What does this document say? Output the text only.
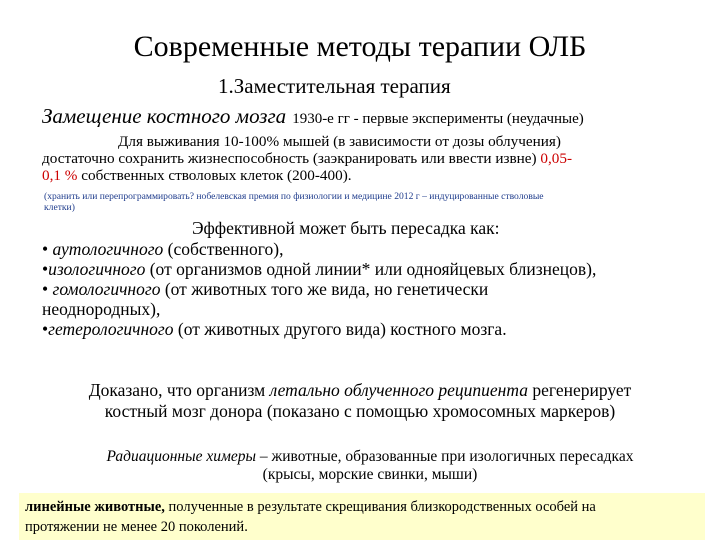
Современные методы терапии ОЛБ
1.Заместительная терапия
Замещение костного мозга 1930-е гг - первые эксперименты (неудачные)
Для выживания 10-100% мышей (в зависимости от дозы облучения)
достаточно сохранить жизнеспособность (заэкранировать или ввести извне) 0,05-
0,1 % собственных стволовых клеток (200-400).
(хранить или перепрограммировать? нобелевская премия по физиологии и медицине 2012 г – индуцированные стволовые
клетки)
Эффективной может быть пересадка как:
• аутологичного (собственного),
•изологичного (от организмов одной линии* или однояйцевых близнецов),
• гомологичного (от животных того же вида, но генетически
неоднородных),
•гетерологичного (от животных другого вида) костного мозга.
Доказано, что организм летально облученного реципиента регенерирует
костный мозг донора (показано с помощью хромосомных маркеров)
Радиационные химеры – животные, образованные при изологичных пересадках
(крысы, морские свинки, мыши)
линейные животные, полученные в результате скрещивания близкородственных особей на
протяжении не менее 20 поколений.
